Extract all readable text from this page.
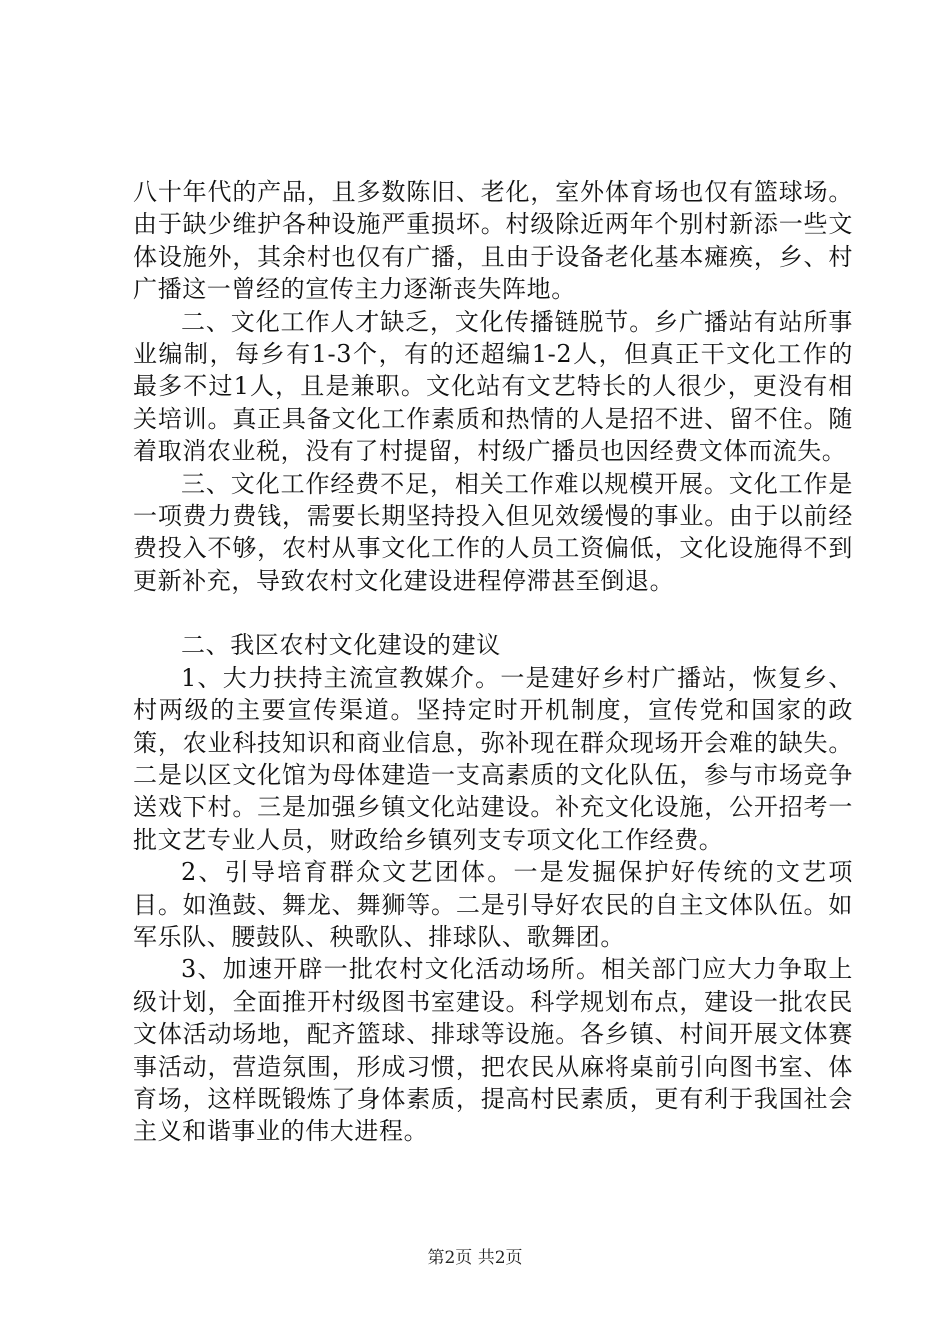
八十年代的产品，且多数陈旧、老化，室外体育场也仅有篮球场。由于缺少维护各种设施严重损坏。村级除近两年个别村新添一些文体设施外，其余村也仅有广播，且由于设备老化基本瘫痪，乡、村广播这一曾经的宣传主力逐渐丧失阵地。

二、文化工作人才缺乏，文化传播链脱节。乡广播站有站所事业编制，每乡有1-3个，有的还超编1-2人，但真正干文化工作的最多不过1人，且是兼职。文化站有文艺特长的人很少，更没有相关培训。真正具备文化工作素质和热情的人是招不进、留不住。随着取消农业税，没有了村提留，村级广播员也因经费文体而流失。

三、文化工作经费不足，相关工作难以规模开展。文化工作是一项费力费钱，需要长期坚持投入但见效缓慢的事业。由于以前经费投入不够，农村从事文化工作的人员工资偏低，文化设施得不到更新补充，导致农村文化建设进程停滞甚至倒退。

二、我区农村文化建设的建议

1、大力扶持主流宣教媒介。一是建好乡村广播站，恢复乡、村两级的主要宣传渠道。坚持定时开机制度，宣传党和国家的政策，农业科技知识和商业信息，弥补现在群众现场开会难的缺失。二是以区文化馆为母体建造一支高素质的文化队伍，参与市场竞争送戏下村。三是加强乡镇文化站建设。补充文化设施，公开招考一批文艺专业人员，财政给乡镇列支专项文化工作经费。

2、引导培育群众文艺团体。一是发掘保护好传统的文艺项目。如渔鼓、舞龙、舞狮等。二是引导好农民的自主文体队伍。如军乐队、腰鼓队、秧歌队、排球队、歌舞团。

3、加速开辟一批农村文化活动场所。相关部门应大力争取上级计划，全面推开村级图书室建设。科学规划布点，建设一批农民文体活动场地，配齐篮球、排球等设施。各乡镇、村间开展文体赛事活动，营造氛围，形成习惯，把农民从麻将桌前引向图书室、体育场，这样既锻炼了身体素质，提高村民素质，更有利于我国社会主义和谐事业的伟大进程。

第2页 共2页
